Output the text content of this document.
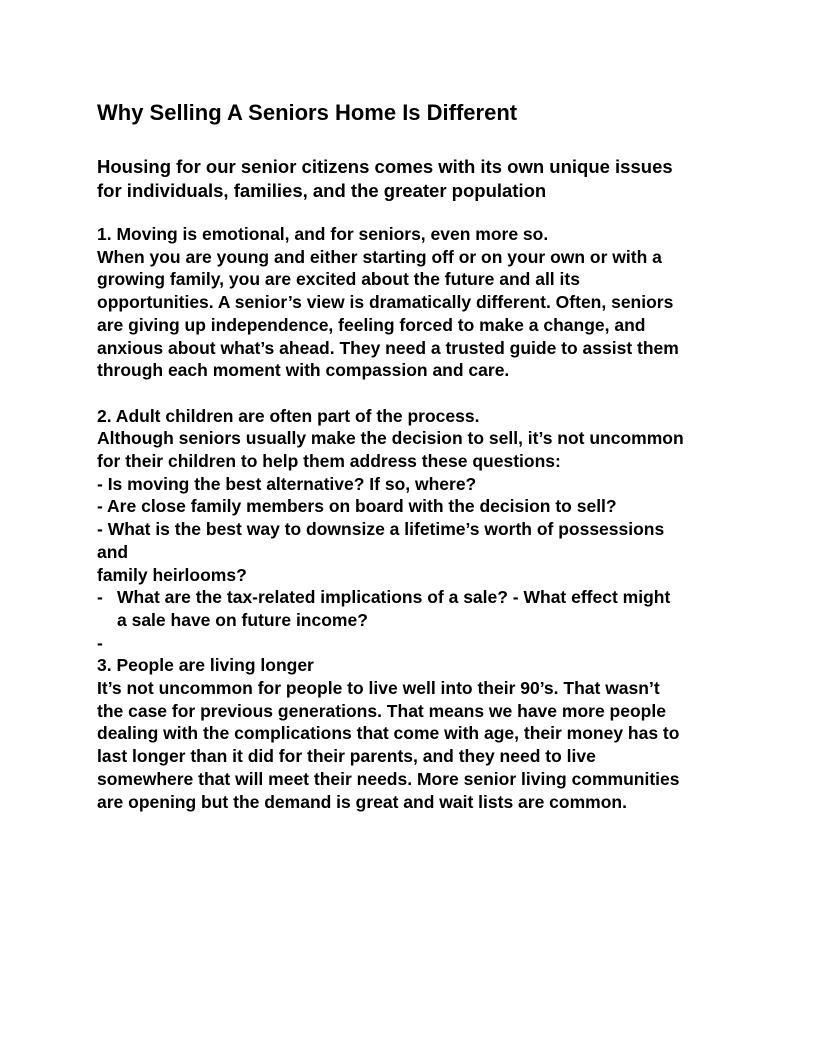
Why Selling A Seniors Home Is Different
Housing for our senior citizens comes with its own unique issues
for individuals, families, and the greater population
1. Moving is emotional, and for seniors, even more so.
When you are young and either starting off or on your own or with a
growing family, you are excited about the future and all its
opportunities. A senior’s view is dramatically different. Often, seniors
are giving up independence, feeling forced to make a change, and
anxious about what’s ahead. They need a trusted guide to assist them
through each moment with compassion and care.
2. Adult children are often part of the process.
Although seniors usually make the decision to sell, it’s not uncommon
for their children to help them address these questions:
- Is moving the best alternative? If so, where?
- Are close family members on board with the decision to sell?
- What is the best way to downsize a lifetime’s worth of possessions
and
family heirlooms?
- What are the tax-related implications of a sale? - What effect might
a sale have on future income?
-
3. People are living longer
It’s not uncommon for people to live well into their 90’s. That wasn’t
the case for previous generations. That means we have more people
dealing with the complications that come with age, their money has to
last longer than it did for their parents, and they need to live
somewhere that will meet their needs. More senior living communities
are opening but the demand is great and wait lists are common.
